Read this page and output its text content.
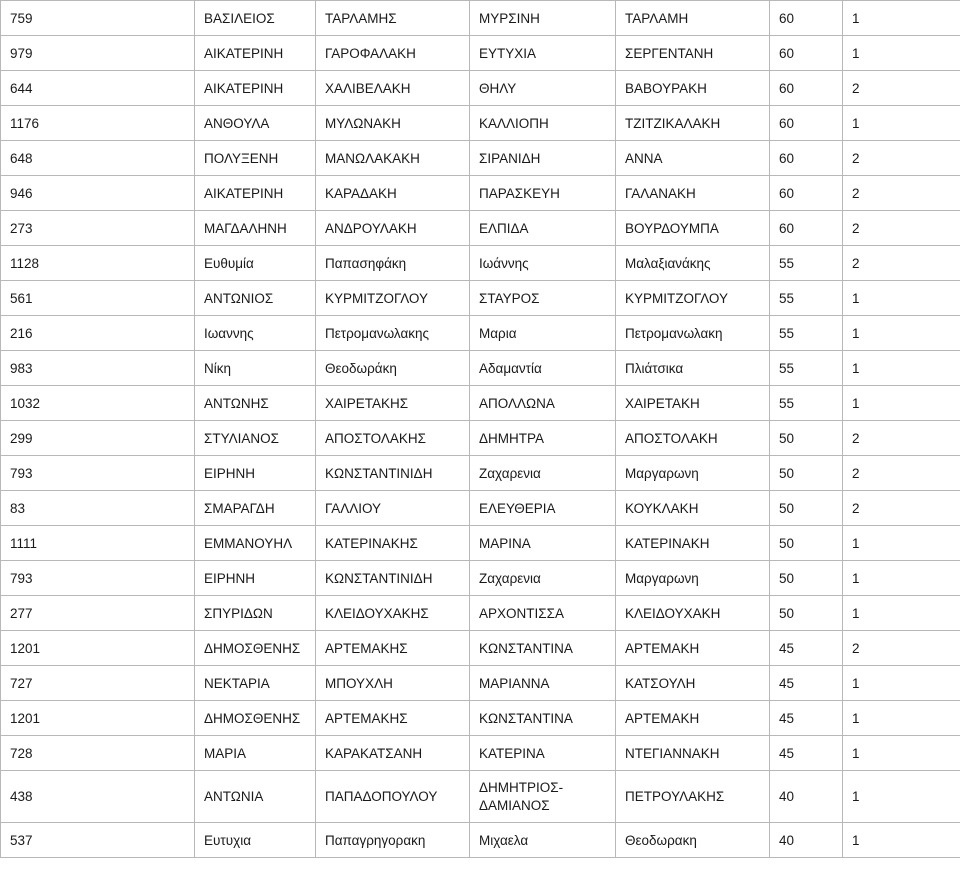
759	ΒΑΣΙΛΕΙΟΣ	ΤΑΡΛΑΜΗΣ	ΜΥΡΣΙΝΗ	ΤΑΡΛΑΜΗ	60	1
979	ΑΙΚΑΤΕΡΙΝΗ	ΓΑΡΟΦΑΛΑΚΗ	ΕΥΤΥΧΙΑ	ΣΕΡΓΕΝΤΑΝΗ	60	1
644	ΑΙΚΑΤΕΡΙΝΗ	ΧΑΛΙΒΕΛΑΚΗ	ΘΗΛΥ	ΒΑΒΟΥΡΑΚΗ	60	2
1176	ΑΝΘΟΥΛΑ	ΜΥΛΩΝΑΚΗ	ΚΑΛΛΙΟΠΗ	ΤΖΙΤΖΙΚΑΛΑΚΗ	60	1
648	ΠΟΛΥΞΕΝΗ	ΜΑΝΩΛΑΚΑΚΗ	ΣΙΡΑΝΙΔΗ	ΑΝΝΑ	60	2
946	ΑΙΚΑΤΕΡΙΝΗ	ΚΑΡΑΔΑΚΗ	ΠΑΡΑΣΚΕΥΗ	ΓΑΛΑΝΑΚΗ	60	2
273	ΜΑΓΔΑΛΗΝΗ	ΑΝΔΡΟΥΛΑΚΗ	ΕΛΠΙΔΑ	ΒΟΥΡΔΟΥΜΠΑ	60	2
1128	Ευθυμία	Παπασηφάκη	Ιωάννης	Μαλαξιανάκης	55	2
561	ΑΝΤΩΝΙΟΣ	ΚΥΡΜΙΤΖΟΓΛΟΥ	ΣΤΑΥΡΟΣ	ΚΥΡΜΙΤΖΟΓΛΟΥ	55	1
216	Ιωαννης	Πετρομανωλακης	Μαρια	Πετρομανωλακη	55	1
983	Νίκη	Θεοδωράκη	Αδαμαντία	Πλιάτσικα	55	1
1032	ΑΝΤΩΝΗΣ	ΧΑΙΡΕΤΑΚΗΣ	ΑΠΟΛΛΩΝΑ	ΧΑΙΡΕΤΑΚΗ	55	1
299	ΣΤΥΛΙΑΝΟΣ	ΑΠΟΣΤΟΛΑΚΗΣ	ΔΗΜΗΤΡΑ	ΑΠΟΣΤΟΛΑΚΗ	50	2
793	ΕΙΡΗΝΗ	ΚΩΝΣΤΑΝΤΙΝΙΔΗ	Ζαχαρενια	Μαργαρωνη	50	2
83	ΣΜΑΡΑΓΔΗ	ΓΑΛΛΙΟΥ	ΕΛΕΥΘΕΡΙΑ	ΚΟΥΚΛΑΚΗ	50	2
1111	ΕΜΜΑΝΟΥΗΛ	ΚΑΤΕΡΙΝΑΚΗΣ	ΜΑΡΙΝΑ	ΚΑΤΕΡΙΝΑΚΗ	50	1
793	ΕΙΡΗΝΗ	ΚΩΝΣΤΑΝΤΙΝΙΔΗ	Ζαχαρενια	Μαργαρωνη	50	1
277	ΣΠΥΡΙΔΩΝ	ΚΛΕΙΔΟΥΧΑΚΗΣ	ΑΡΧΟΝΤΙΣΣΑ	ΚΛΕΙΔΟΥΧΑΚΗ	50	1
1201	ΔΗΜΟΣΘΕΝΗΣ	ΑΡΤΕΜΑΚΗΣ	ΚΩΝΣΤΑΝΤΙΝΑ	ΑΡΤΕΜΑΚΗ	45	2
727	ΝΕΚΤΑΡΙΑ	ΜΠΟΥΧΛΗ	ΜΑΡΙΑΝΝΑ	ΚΑΤΣΟΥΛΗ	45	1
1201	ΔΗΜΟΣΘΕΝΗΣ	ΑΡΤΕΜΑΚΗΣ	ΚΩΝΣΤΑΝΤΙΝΑ	ΑΡΤΕΜΑΚΗ	45	1
728	ΜΑΡΙΑ	ΚΑΡΑΚΑΤΣΑΝΗ	ΚΑΤΕΡΙΝΑ	ΝΤΕΓΙΑΝΝΑΚΗ	45	1
438	ΑΝΤΩΝΙΑ	ΠΑΠΑΔΟΠΟΥΛΟΥ	ΔΗΜΗΤΡΙΟΣ-ΔΑΜΙΑΝΟΣ	ΠΕΤΡΟΥΛΑΚΗΣ	40	1
537	Ευτυχια	Παπαγρηγορακη	Μιχαελα	Θεοδωρακη	40	1
